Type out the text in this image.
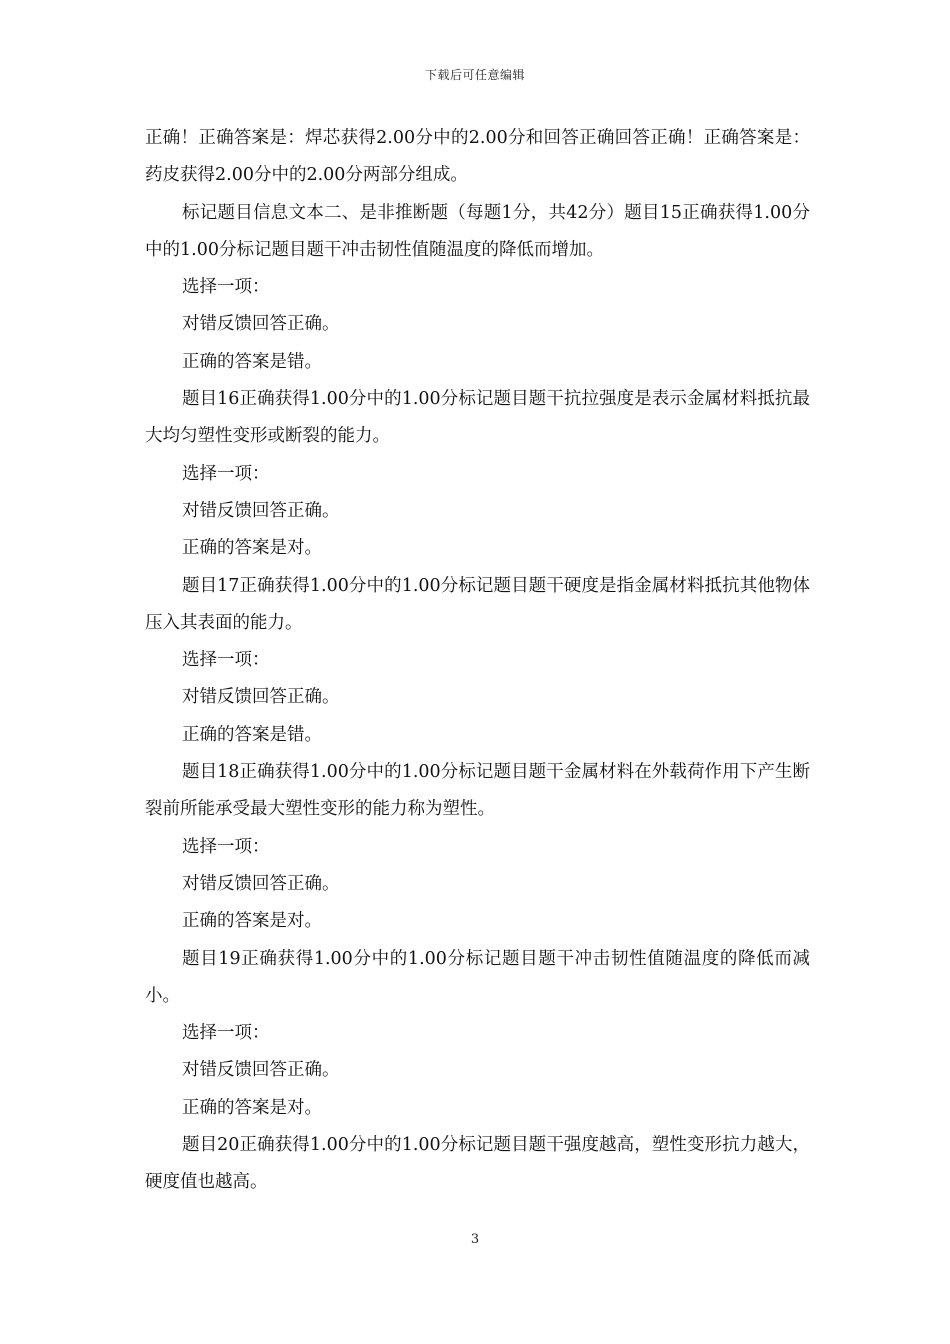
下载后可任意编辑

正确！正确答案是：焊芯获得2.00分中的2.00分和回答正确回答正确！正确答案是：药皮获得2.00分中的2.00分两部分组成。

标记题目信息文本二、是非推断题（每题1分，共42分）题目15正确获得1.00分中的1.00分标记题目题干冲击韧性值随温度的降低而增加。

选择一项：

对错反馈回答正确。

正确的答案是错。

题目16正确获得1.00分中的1.00分标记题目题干抗拉强度是表示金属材料抵抗最大均匀塑性变形或断裂的能力。

选择一项：

对错反馈回答正确。

正确的答案是对。

题目17正确获得1.00分中的1.00分标记题目题干硬度是指金属材料抵抗其他物体压入其表面的能力。

选择一项：

对错反馈回答正确。

正确的答案是错。

题目18正确获得1.00分中的1.00分标记题目题干金属材料在外载荷作用下产生断裂前所能承受最大塑性变形的能力称为塑性。

选择一项：

对错反馈回答正确。

正确的答案是对。

题目19正确获得1.00分中的1.00分标记题目题干冲击韧性值随温度的降低而减小。

选择一项：

对错反馈回答正确。

正确的答案是对。

题目20正确获得1.00分中的1.00分标记题目题干强度越高，塑性变形抗力越大，硬度值也越高。

3
